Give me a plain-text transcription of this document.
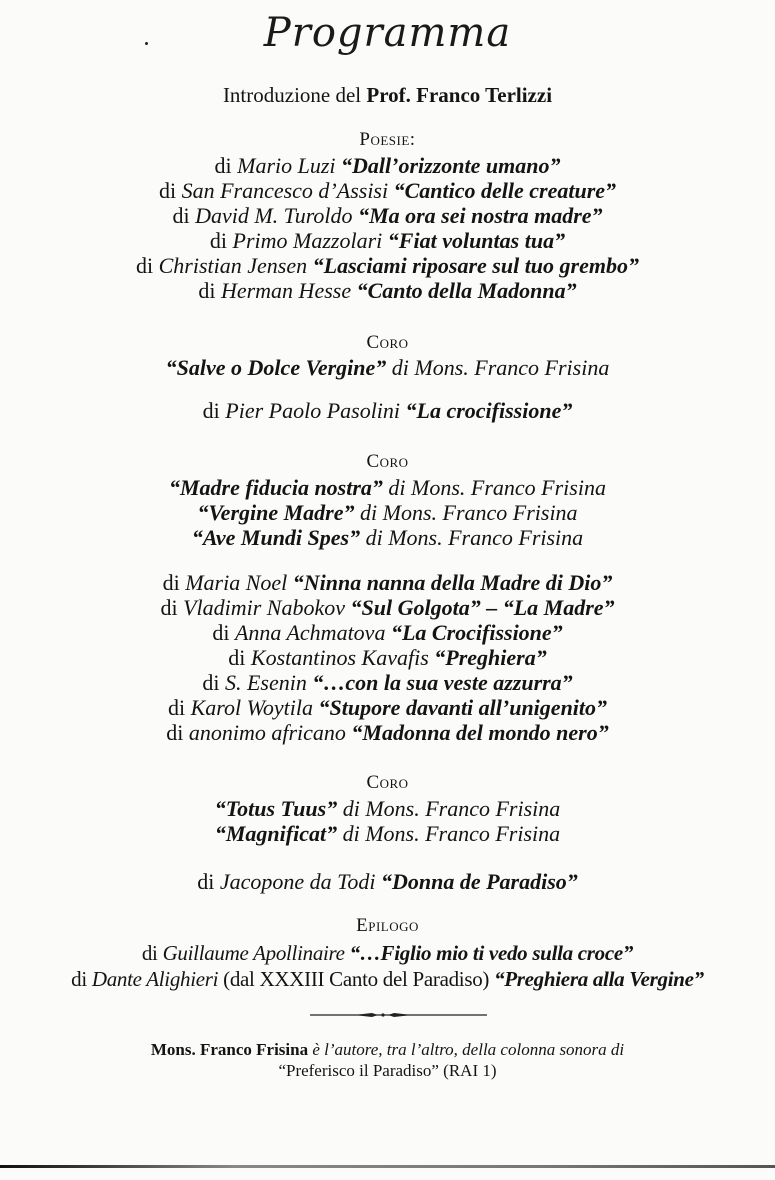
Programma
Introduzione del Prof. Franco Terlizzi
Poesie:
di Mario Luzi “Dall’orizzonte umano”
di San Francesco d’Assisi “Cantico delle creature”
di David M. Turoldo “Ma ora sei nostra madre”
di Primo Mazzolari “Fiat voluntas tua”
di Christian Jensen “Lasciami riposare sul tuo grembo”
di Herman Hesse “Canto della Madonna”
Coro
“Salve o Dolce Vergine” di Mons. Franco Frisina
di Pier Paolo Pasolini “La crocifissione”
Coro
“Madre fiducia nostra” di Mons. Franco Frisina
“Vergine Madre” di Mons. Franco Frisina
“Ave Mundi Spes” di Mons. Franco Frisina
di Maria Noel “Ninna nanna della Madre di Dio”
di Vladimir Nabokov “Sul Golgota” – “La Madre”
di Anna Achmatova “La Crocifissione”
di Kostantinos Kavafis “Preghiera”
di S. Esenin “…con la sua veste azzurra”
di Karol Woytila “Stupore davanti all’unigenito”
di anonimo africano “Madonna del mondo nero”
Coro
“Totus Tuus” di Mons. Franco Frisina
“Magnificat” di Mons. Franco Frisina
di Jacopone da Todi “Donna de Paradiso”
Epilogo
di Guillaume Apollinaire “…Figlio mio ti vedo sulla croce”
di Dante Alighieri (dal XXXIII Canto del Paradiso) “Preghiera alla Vergine”
Mons. Franco Frisina è l’autore, tra l’altro, della colonna sonora di
“Preferisco il Paradiso” (RAI 1)
